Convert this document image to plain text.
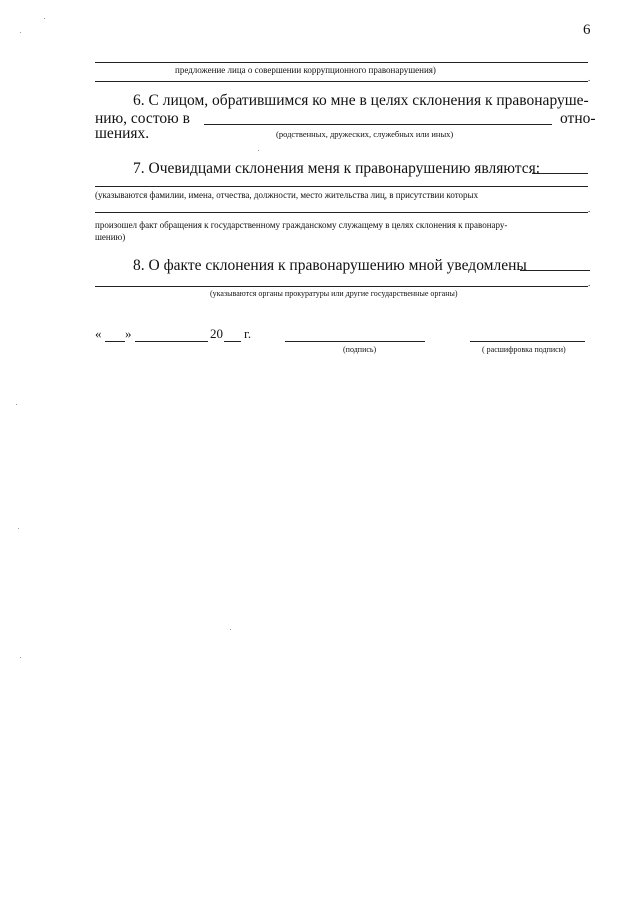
6
предложение лица о совершении коррупционного правонарушения)
.
6. С лицом, обратившимся ко мне в целях склонения к правонаруше-
нию, состою в	отно-
шениях.	(родственных, дружеских, служебных или иных)
7. Очевидцами склонения меня к правонарушению являются:
(указываются фамилии, имена, отчества, должности, место жительства лиц, в присутствии которых
.
произошел факт обращения к государственному гражданскому служащему в целях склонения к правонару-
шению)
8. О факте склонения к правонарушению мной уведомлены
.
(указываются органы прокуратуры или другие государственные органы)
« »	20 г.
(подпись)	( расшифровка подписи)
